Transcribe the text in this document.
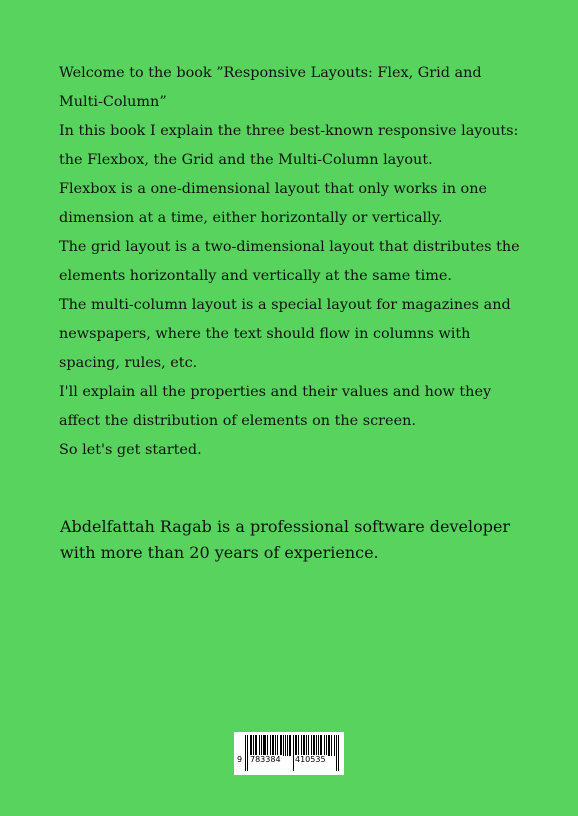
Welcome to the book ”Responsive Layouts: Flex, Grid and Multi-Column”

In this book I explain the three best-known responsive layouts: the Flexbox, the Grid and the Multi-Column layout.

Flexbox is a one-dimensional layout that only works in one dimension at a time, either horizontally or vertically.

The grid layout is a two-dimensional layout that distributes the elements horizontally and vertically at the same time.

The multi-column layout is a special layout for magazines and newspapers, where the text should flow in columns with spacing, rules, etc.

I'll explain all the properties and their values and how they affect the distribution of elements on the screen.

So let's get started.

Abdelfattah Ragab is a professional software developer with more than 20 years of experience.

9 783384 410535
